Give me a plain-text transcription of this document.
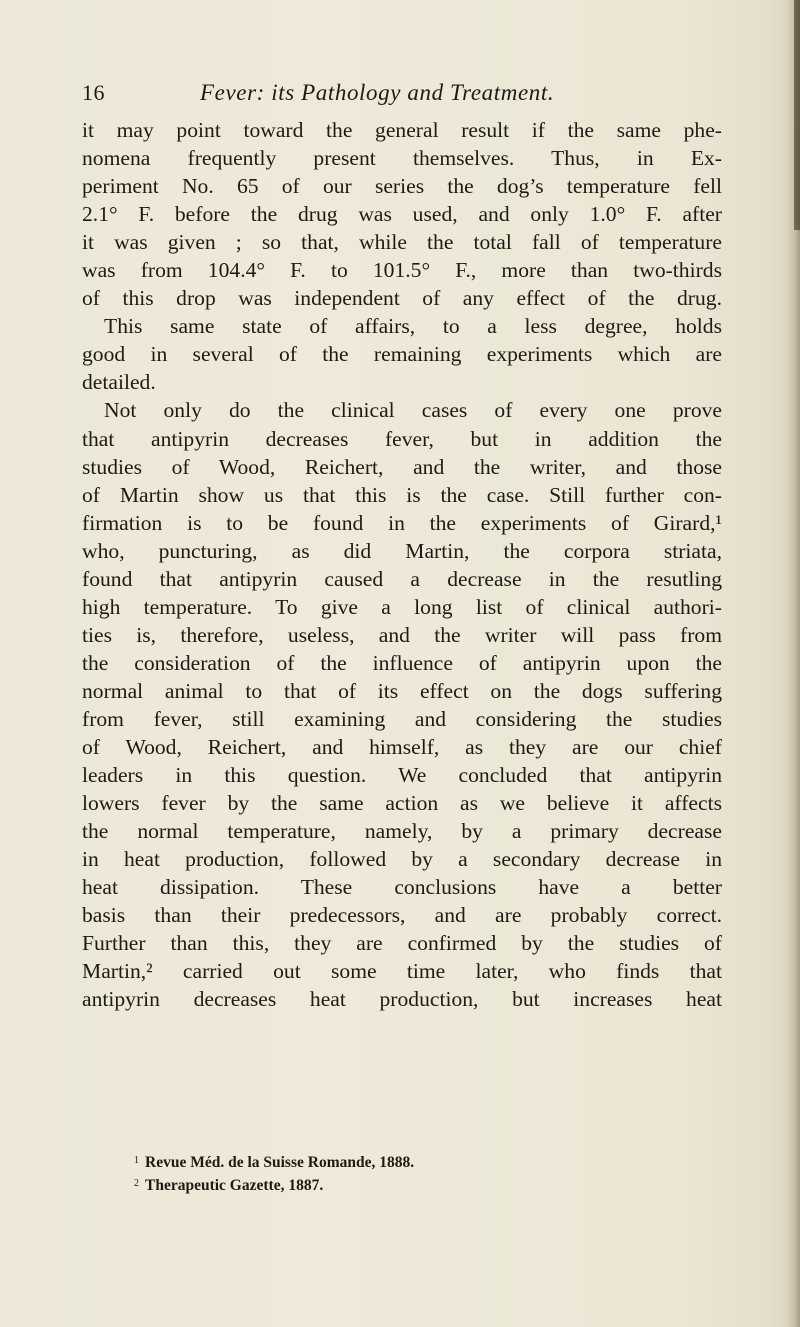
16	Fever: its Pathology and Treatment.
it may point toward the general result if the same phe-
nomena frequently present themselves. Thus, in Ex-
periment No. 65 of our series the dog’s temperature fell
2.1° F. before the drug was used, and only 1.0° F. after
it was given ; so that, while the total fall of temperature
was from 104.4° F. to 101.5° F., more than two-thirds
of this drop was independent of any effect of the drug.
This same state of affairs, to a less degree, holds
good in several of the remaining experiments which are
detailed.
Not only do the clinical cases of every one prove
that antipyrin decreases fever, but in addition the
studies of Wood, Reichert, and the writer, and those
of Martin show us that this is the case. Still further con-
firmation is to be found in the experiments of Girard,¹
who, puncturing, as did Martin, the corpora striata,
found that antipyrin caused a decrease in the resutling
high temperature. To give a long list of clinical authori-
ties is, therefore, useless, and the writer will pass from
the consideration of the influence of antipyrin upon the
normal animal to that of its effect on the dogs suffering
from fever, still examining and considering the studies
of Wood, Reichert, and himself, as they are our chief
leaders in this question. We concluded that antipyrin
lowers fever by the same action as we believe it affects
the normal temperature, namely, by a primary decrease
in heat production, followed by a secondary decrease in
heat dissipation. These conclusions have a better
basis than their predecessors, and are probably correct.
Further than this, they are confirmed by the studies of
Martin,² carried out some time later, who finds that
antipyrin decreases heat production, but increases heat
$^1$ Revue Méd. de la Suisse Romande, 1888.
$^2$ Therapeutic Gazette, 1887.
